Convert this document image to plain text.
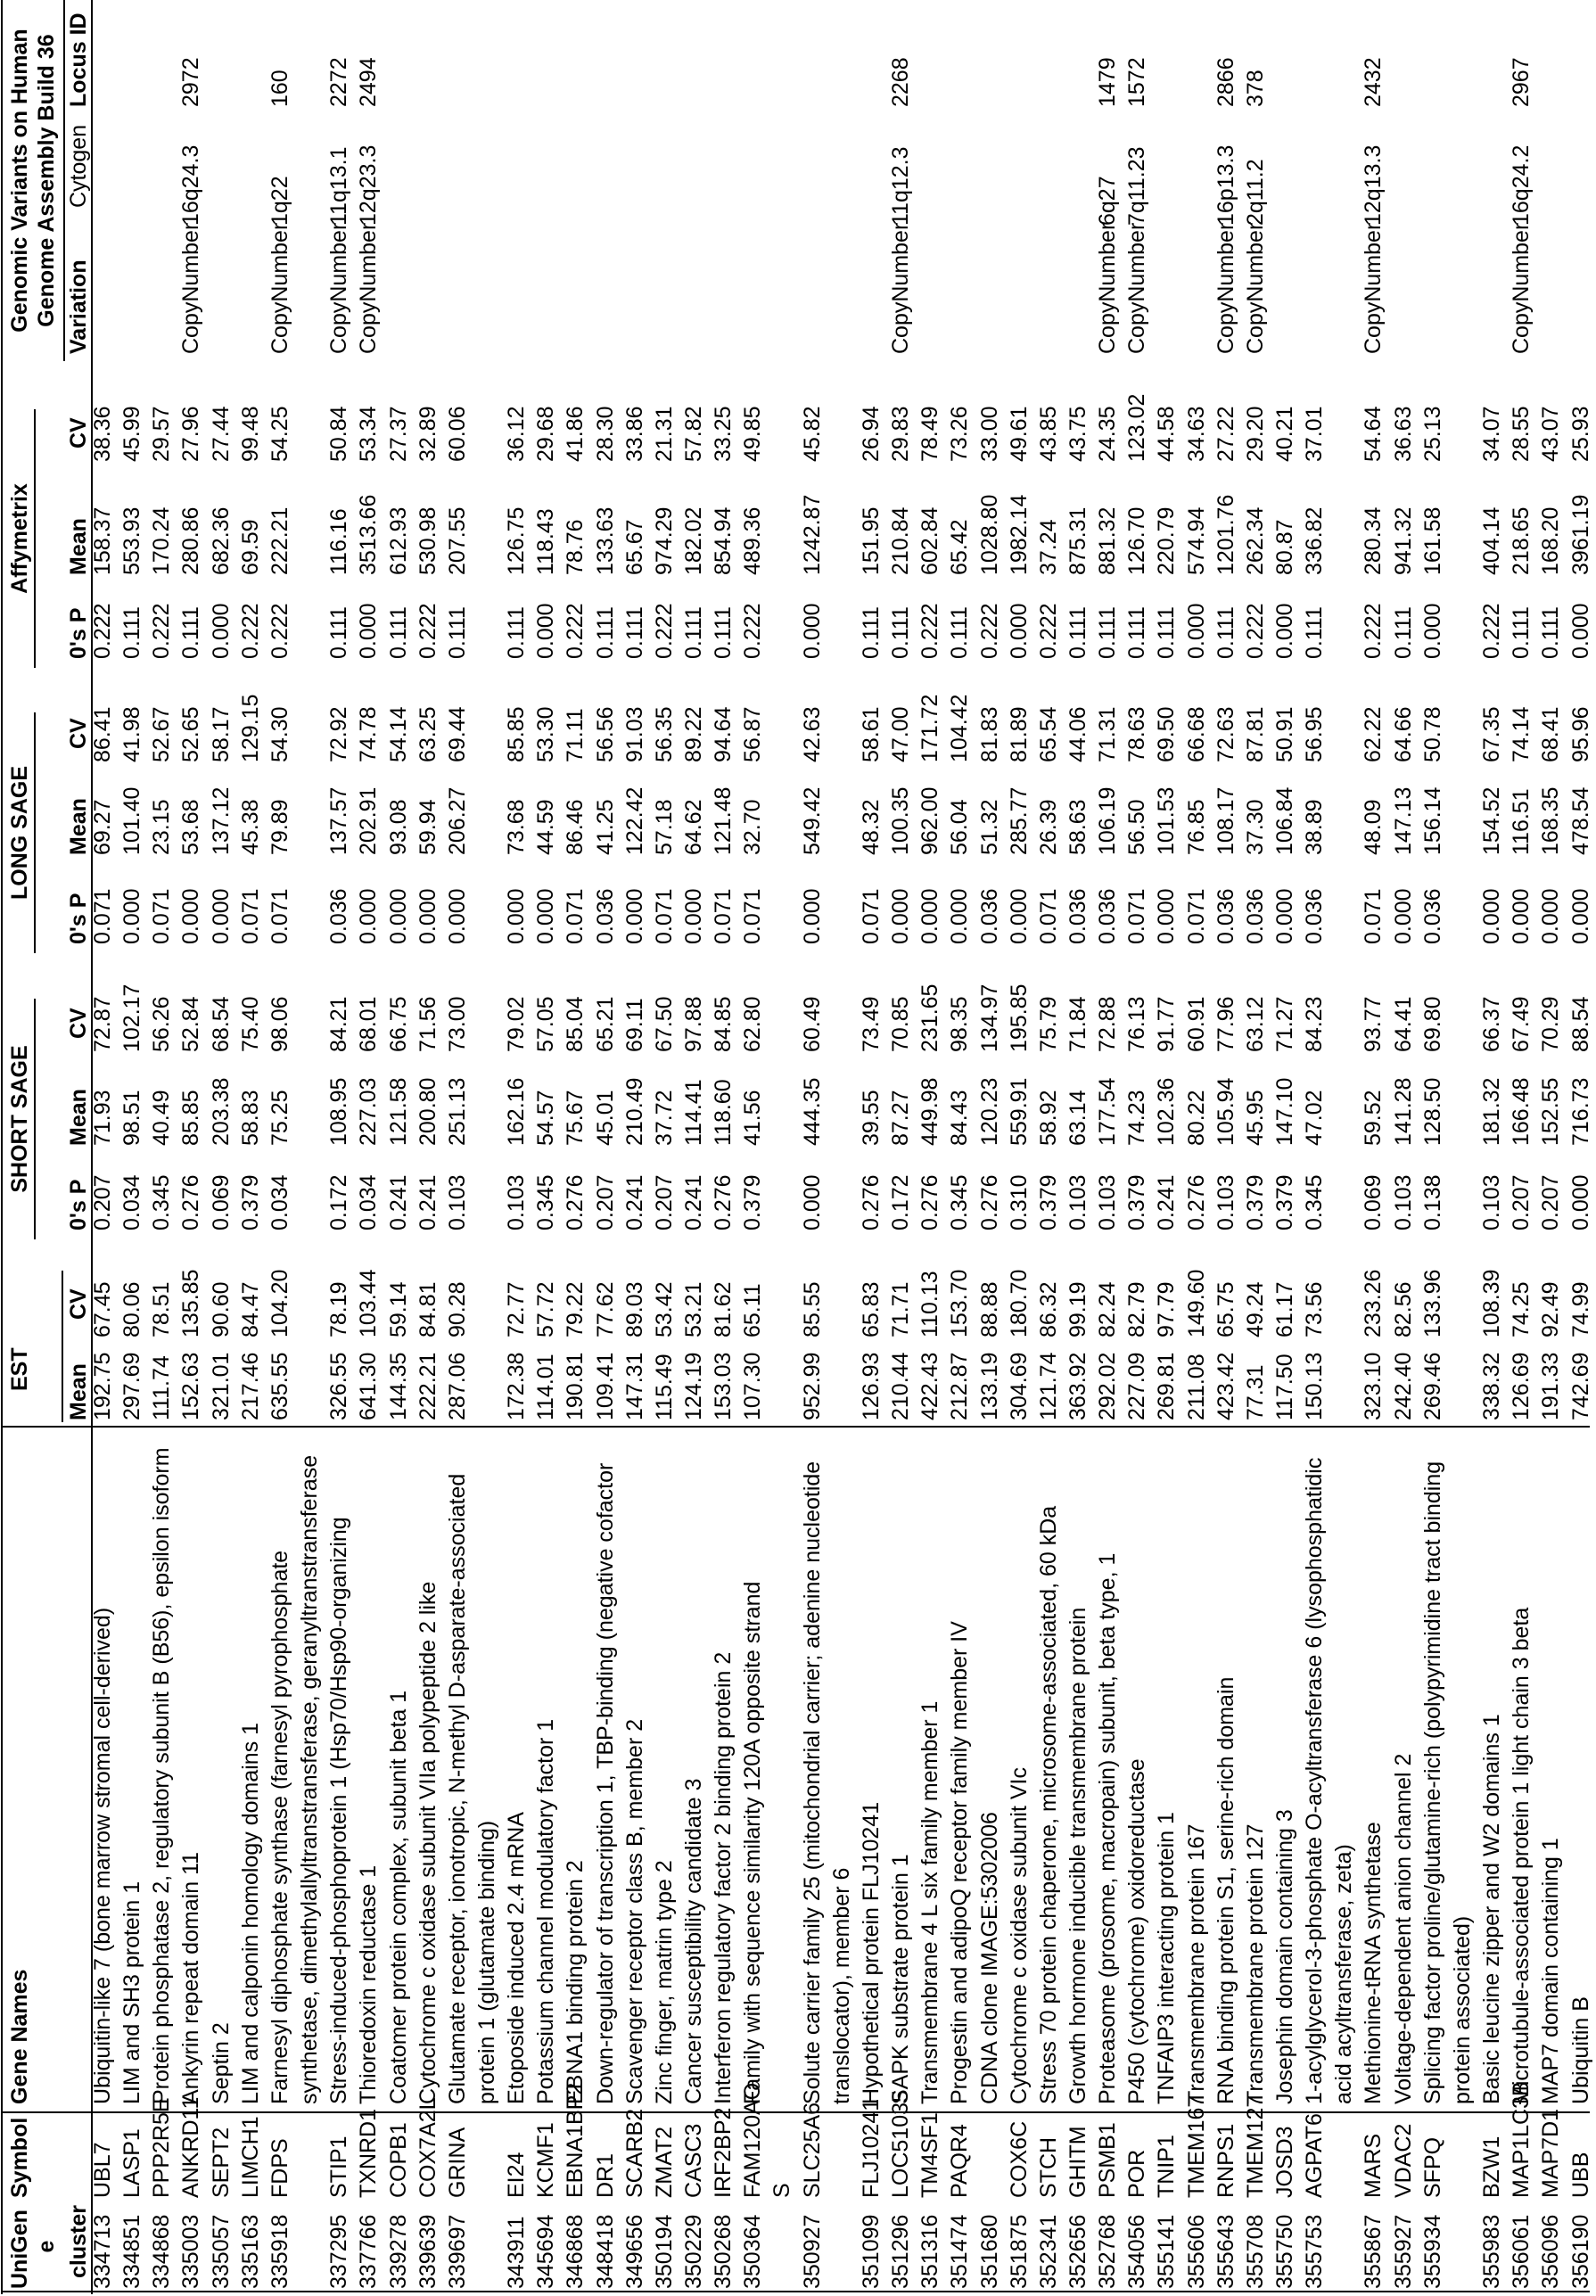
UniGen e cluster
Symbol
Gene Names
EST
SHORT SAGE
LONG SAGE
Affymetrix
Genomic Variants on Human Genome Assembly Build 36
Mean
CV
0's P
Mean
CV
0's P
Mean
CV
0's P
Mean
CV
Variation
Cytogen
Locus ID
334713
UBL7
Ubiquitin-like 7 (bone marrow stromal cell-derived)
192.75
67.45
0.207
71.93
72.87
0.071
69.27
86.41
0.222
158.37
38.36
334851
LASP1
LIM and SH3 protein 1
297.69
80.06
0.034
98.51
102.17
0.000
101.40
41.98
0.111
553.93
45.99
334868
PPP2R5E
Protein phosphatase 2, regulatory subunit B (B56), epsilon isoform
111.74
78.51
0.345
40.49
56.26
0.071
23.15
52.67
0.222
170.24
29.57
335003
ANKRD11
Ankyrin repeat domain 11
152.63
135.85
0.276
85.85
52.84
0.000
53.68
52.65
0.111
280.86
27.96
CopyNumber
16q24.3
2972
335057
SEPT2
Septin 2
321.01
90.60
0.069
203.38
68.54
0.000
137.12
58.17
0.000
682.36
27.44
335163
LIMCH1
LIM and calponin homology domains 1
217.46
84.47
0.379
58.83
75.40
0.071
45.38
129.15
0.222
69.59
99.48
335918
FDPS
Farnesyl diphosphate synthase (farnesyl pyrophosphate synthetase, dimethylallyltranstransferase, geranyltranstransferase
635.55
104.20
0.034
75.25
98.06
0.071
79.89
54.30
0.222
222.21
54.25
CopyNumber
1q22
160
337295
STIP1
Stress-induced-phosphoprotein 1 (Hsp70/Hsp90-organizing
326.55
78.19
0.172
108.95
84.21
0.036
137.57
72.92
0.111
116.16
50.84
CopyNumber
11q13.1
2272
337766
TXNRD1
Thioredoxin reductase 1
641.30
103.44
0.034
227.03
68.01
0.000
202.91
74.78
0.000
3513.66
53.34
CopyNumber
12q23.3
2494
339278
COPB1
Coatomer protein complex, subunit beta 1
144.35
59.14
0.241
121.58
66.75
0.000
93.08
54.14
0.111
612.93
27.37
339639
COX7A2L
Cytochrome c oxidase subunit VIIa polypeptide 2 like
222.21
84.81
0.241
200.80
71.56
0.000
59.94
63.25
0.222
530.98
32.89
339697
GRINA
Glutamate receptor, ionotropic, N-methyl D-asparate-associated protein 1 (glutamate binding)
287.06
90.28
0.103
251.13
73.00
0.000
206.27
69.44
0.111
207.55
60.06
343911
EI24
Etoposide induced 2.4 mRNA
172.38
72.77
0.103
162.16
79.02
0.000
73.68
85.85
0.111
126.75
36.12
345694
KCMF1
Potassium channel modulatory factor 1
114.01
57.72
0.345
54.57
57.05
0.000
44.59
53.30
0.000
118.43
29.68
346868
EBNA1BP2
EBNA1 binding protein 2
190.81
79.22
0.276
75.67
85.04
0.071
86.46
71.11
0.222
78.76
41.86
348418
DR1
Down-regulator of transcription 1, TBP-binding (negative cofactor
109.41
77.62
0.207
45.01
65.21
0.036
41.25
56.56
0.111
133.63
28.30
349656
SCARB2
Scavenger receptor class B, member 2
147.31
89.03
0.241
210.49
69.11
0.000
122.42
91.03
0.111
65.67
33.86
350194
ZMAT2
Zinc finger, matrin type 2
115.49
53.42
0.207
37.72
67.50
0.071
57.18
56.35
0.222
974.29
21.31
350229
CASC3
Cancer susceptibility candidate 3
124.19
53.21
0.241
114.41
97.88
0.000
64.62
89.22
0.111
182.02
57.82
350268
IRF2BP2
Interferon regulatory factor 2 binding protein 2
153.03
81.62
0.276
118.60
84.85
0.071
121.48
94.64
0.111
854.94
33.25
350364
FAM120AO S
Family with sequence similarity 120A opposite strand
107.30
65.11
0.379
41.56
62.80
0.071
32.70
56.87
0.222
489.36
49.85
350927
SLC25A6
Solute carrier family 25 (mitochondrial carrier; adenine nucleotide translocator), member 6
952.99
85.55
0.000
444.35
60.49
0.000
549.42
42.63
0.000
1242.87
45.82
351099
FLJ10241
Hypothetical protein FLJ10241
126.93
65.83
0.276
39.55
73.49
0.071
48.32
58.61
0.111
151.95
26.94
351296
LOC51035
SAPK substrate protein 1
210.44
71.71
0.172
87.27
70.85
0.000
100.35
47.00
0.111
210.84
29.83
CopyNumber
11q12.3
2268
351316
TM4SF1
Transmembrane 4 L six family member 1
422.43
110.13
0.276
449.98
231.65
0.000
962.00
171.72
0.222
602.84
78.49
351474
PAQR4
Progestin and adipoQ receptor family member IV
212.87
153.70
0.345
84.43
98.35
0.000
56.04
104.42
0.111
65.42
73.26
351680
CDNA clone IMAGE:5302006
133.19
88.88
0.276
120.23
134.97
0.036
51.32
81.83
0.222
1028.80
33.00
351875
COX6C
Cytochrome c oxidase subunit VIc
304.69
180.70
0.310
559.91
195.85
0.000
285.77
81.89
0.000
1982.14
49.61
352341
STCH
Stress 70 protein chaperone, microsome-associated, 60 kDa
121.74
86.32
0.379
58.92
75.79
0.071
26.39
65.54
0.222
37.24
43.85
352656
GHITM
Growth hormone inducible transmembrane protein
363.92
99.19
0.103
63.14
71.84
0.036
58.63
44.06
0.111
875.31
43.75
352768
PSMB1
Proteasome (prosome, macropain) subunit, beta type, 1
292.02
82.24
0.103
177.54
72.88
0.036
106.19
71.31
0.111
881.32
24.35
CopyNumber
6q27
1479
354056
POR
P450 (cytochrome) oxidoreductase
227.09
82.79
0.379
74.23
76.13
0.071
56.50
78.63
0.111
126.70
123.02
CopyNumber
7q11.23
1572
355141
TNIP1
TNFAIP3 interacting protein 1
269.81
97.79
0.241
102.36
91.77
0.000
101.53
69.50
0.111
220.79
44.58
355606
TMEM167
Transmembrane protein 167
211.08
149.60
0.276
80.22
60.91
0.071
76.85
66.68
0.000
574.94
34.63
355643
RNPS1
RNA binding protein S1, serine-rich domain
423.42
65.75
0.103
105.94
77.96
0.036
108.17
72.63
0.111
1201.76
27.22
CopyNumber
16p13.3
2866
355708
TMEM127
Transmembrane protein 127
77.31
49.24
0.379
45.95
63.12
0.036
37.30
87.81
0.222
262.34
29.20
CopyNumber
2q11.2
378
355750
JOSD3
Josephin domain containing 3
117.50
61.17
0.379
147.10
71.27
0.000
106.84
50.91
0.000
80.87
40.21
355753
AGPAT6
1-acylglycerol-3-phosphate O-acyltransferase 6 (lysophosphatidic acid acyltransferase, zeta)
150.13
73.56
0.345
47.02
84.23
0.036
38.89
56.95
0.111
336.82
37.01
355867
MARS
Methionine-tRNA synthetase
323.10
233.26
0.069
59.52
93.77
0.071
48.09
62.22
0.222
280.34
54.64
CopyNumber
12q13.3
2432
355927
VDAC2
Voltage-dependent anion channel 2
242.40
82.56
0.103
141.28
64.41
0.000
147.13
64.66
0.111
941.32
36.63
355934
SFPQ
Splicing factor proline/glutamine-rich (polypyrimidine tract binding protein associated)
269.46
133.96
0.138
128.50
69.80
0.036
156.14
50.78
0.000
161.58
25.13
355983
BZW1
Basic leucine zipper and W2 domains 1
338.32
108.39
0.103
181.32
66.37
0.000
154.52
67.35
0.222
404.14
34.07
356061
MAP1LC3B
Microtubule-associated protein 1 light chain 3 beta
126.69
74.25
0.207
166.48
67.49
0.000
116.51
74.14
0.111
218.65
28.55
CopyNumber
16q24.2
2967
356096
MAP7D1
MAP7 domain containing 1
191.33
92.49
0.207
152.55
70.29
0.000
168.35
68.41
0.111
168.20
43.07
356190
UBB
Ubiquitin B
742.69
74.99
0.000
716.73
88.54
0.000
478.54
95.96
0.000
3961.19
25.93
